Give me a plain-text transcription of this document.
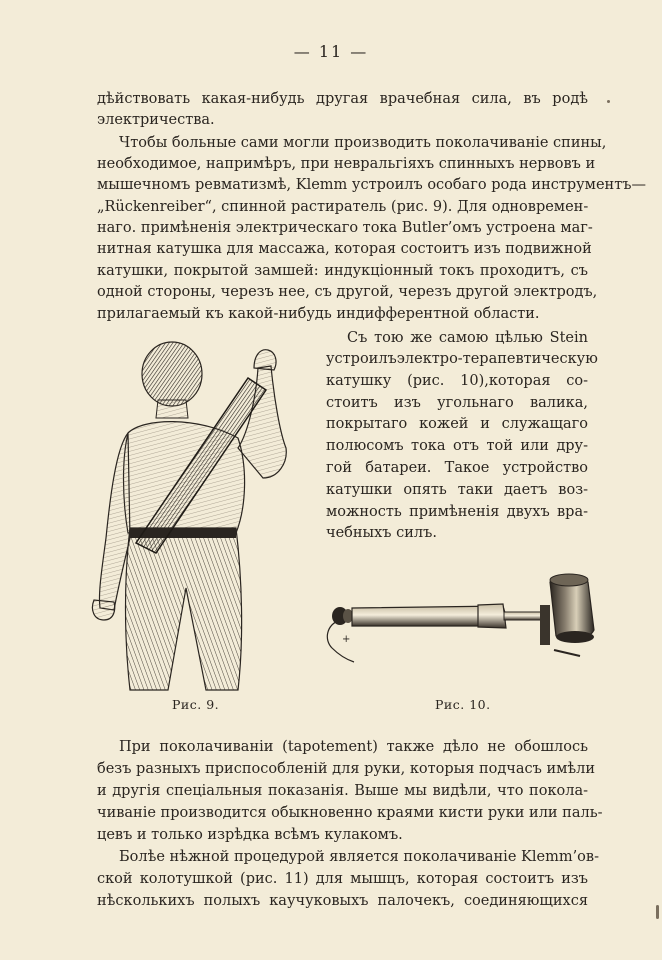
— 11 —
дѣйствовать какая-нибудь другая врачебная сила, въ родѣ
электричества.
Чтобы больные сами могли производить поколачиваніе спины,
необходимое, напримѣръ, при невральгіяхъ спинныхъ нервовъ и
мышечномъ ревматизмѣ, Klemm устроилъ особаго рода инструментъ—
„Rückenreiber“, спинной растиратель (рис. 9). Для одновремен-
наго. примѣненія электрическаго тока Butler’омъ устроена маг-
нитная катушка для массажа, которая состоитъ изъ подвижной
катушки, покрытой замшей: индукціонный токъ проходитъ, съ
одной стороны, черезъ нее, съ другой, черезъ другой электродъ,
прилагаемый къ какой-нибудь индифферентной области.
Съ тою же самою цѣлью Stein
устроилъэлектро-терапевтическую
катушку (рис. 10),которая со-
стоитъ изъ угольнаго валика,
покрытаго кожей и служащаго
полюсомъ тока отъ той или дру-
гой батареи. Такое устройство
катушки опять таки даетъ воз-
можность примѣненія двухъ вра-
чебныхъ силъ.
Рис. 9.
+
Рис. 10.
При поколачиваніи (tapotement) также дѣло не обошлось
безъ разныхъ приспособленій для руки, которыя подчасъ имѣли
и другія спеціальныя показанія. Выше мы видѣли, что покола-
чиваніе производится обыкновенно краями кисти руки или паль-
цевъ и только изрѣдка всѣмъ кулакомъ.
Болѣе нѣжной процедурой является поколачиваніе Klemm’ов-
ской колотушкой (рис. 11) для мышцъ, которая состоитъ изъ
нѣсколькихъ полыхъ каучуковыхъ палочекъ, соединяющихся
